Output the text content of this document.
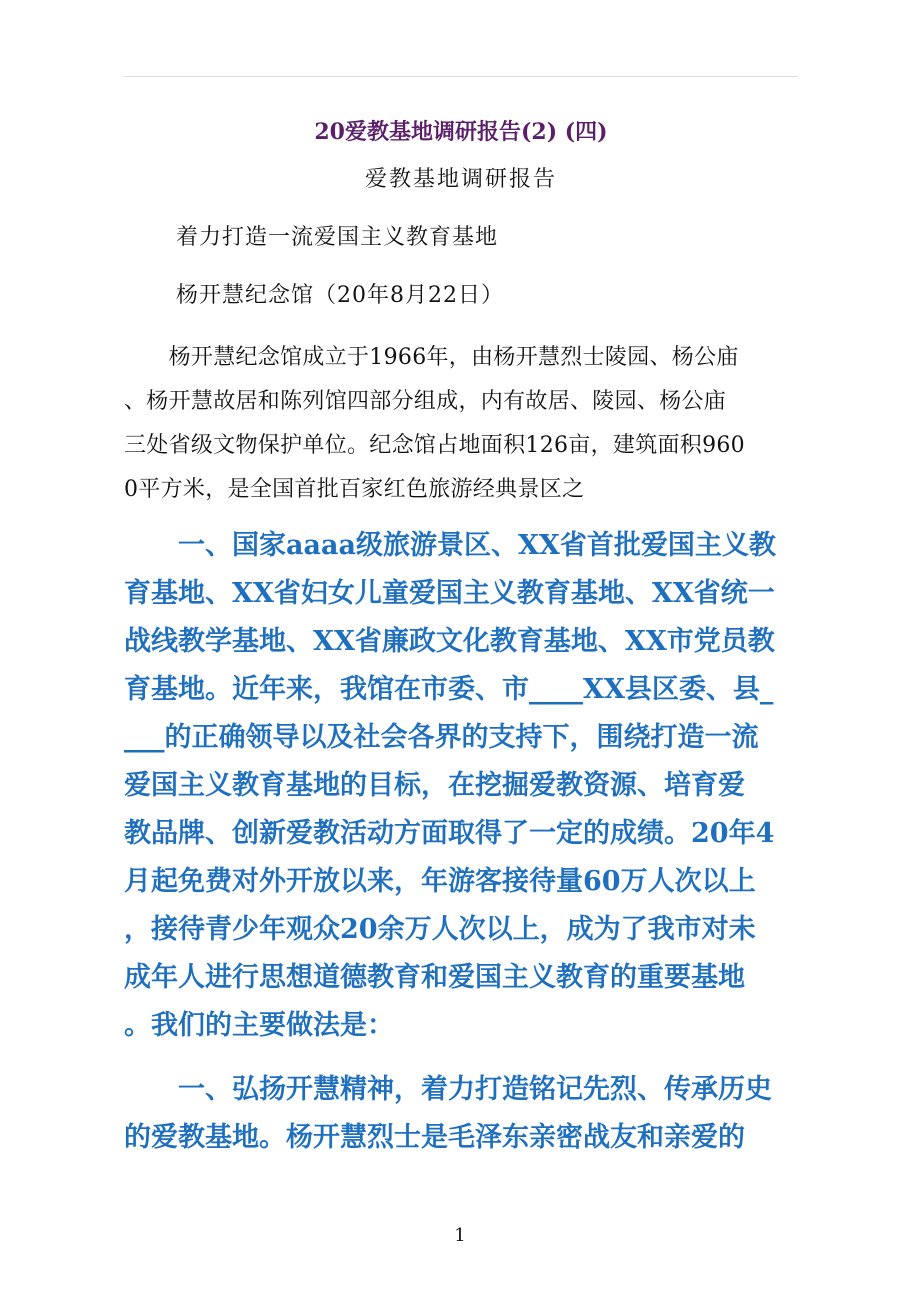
20爱教基地调研报告(2) (四)
爱教基地调研报告
着力打造一流爱国主义教育基地
杨开慧纪念馆（20年8月22日）
　　杨开慧纪念馆成立于1966年，由杨开慧烈士陵园、杨公庙
、杨开慧故居和陈列馆四部分组成，内有故居、陵园、杨公庙
三处省级文物保护单位。纪念馆占地面积126亩，建筑面积960
0平方米，是全国首批百家红色旅游经典景区之
　　一、国家aaaa级旅游景区、XX省首批爱国主义教
育基地、XX省妇女儿童爱国主义教育基地、XX省统一
战线教学基地、XX省廉政文化教育基地、XX市党员教
育基地。近年来，我馆在市委、市____XX县区委、县_
___的正确领导以及社会各界的支持下，围绕打造一流
爱国主义教育基地的目标，在挖掘爱教资源、培育爱
教品牌、创新爱教活动方面取得了一定的成绩。20年4
月起免费对外开放以来，年游客接待量60万人次以上
，接待青少年观众20余万人次以上，成为了我市对未
成年人进行思想道德教育和爱国主义教育的重要基地
。我们的主要做法是：
　　一、弘扬开慧精神，着力打造铭记先烈、传承历史
的爱教基地。杨开慧烈士是毛泽东亲密战友和亲爱的
1
